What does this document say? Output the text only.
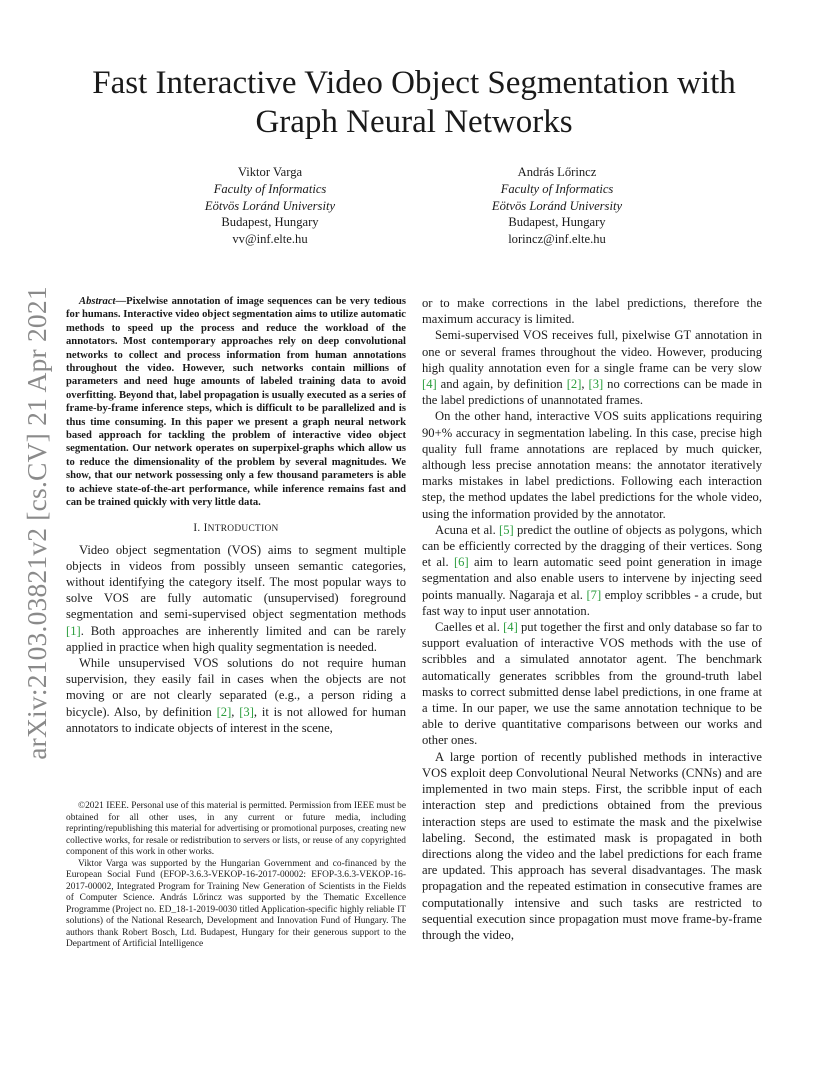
arXiv:2103.03821v2 [cs.CV] 21 Apr 2021
Fast Interactive Video Object Segmentation with
Graph Neural Networks
Viktor Varga
Faculty of Informatics
Eötvös Loránd University
Budapest, Hungary
vv@inf.elte.hu
András Lőrincz
Faculty of Informatics
Eötvös Loránd University
Budapest, Hungary
lorincz@inf.elte.hu

Abstract—Pixelwise annotation of image sequences can be very tedious for humans. Interactive video object segmentation aims to utilize automatic methods to speed up the process and reduce the workload of the annotators. Most contemporary approaches rely on deep convolutional networks to collect and process information from human annotations throughout the video. However, such networks contain millions of parameters and need huge amounts of labeled training data to avoid overfitting. Beyond that, label propagation is usually executed as a series of frame-by-frame inference steps, which is difficult to be parallelized and is thus time consuming. In this paper we present a graph neural network based approach for tackling the problem of interactive video object segmentation. Our network operates on superpixel-graphs which allow us to reduce the dimensionality of the problem by several magnitudes. We show, that our network possessing only a few thousand parameters is able to achieve state-of-the-art performance, while inference remains fast and can be trained quickly with very little data.

I. INTRODUCTION

Video object segmentation (VOS) aims to segment multiple objects in videos from possibly unseen semantic categories, without identifying the category itself. The most popular ways to solve VOS are fully automatic (unsupervised) foreground segmentation and semi-supervised object segmentation methods [1]. Both approaches are inherently limited and can be rarely applied in practice when high quality segmentation is needed.

While unsupervised VOS solutions do not require human supervision, they easily fail in cases when the objects are not moving or are not clearly separated (e.g., a person riding a bicycle). Also, by definition [2], [3], it is not allowed for human annotators to indicate objects of interest in the scene,

©2021 IEEE. Personal use of this material is permitted. Permission from IEEE must be obtained for all other uses, in any current or future media, including reprinting/republishing this material for advertising or promotional purposes, creating new collective works, for resale or redistribution to servers or lists, or reuse of any copyrighted component of this work in other works.

Viktor Varga was supported by the Hungarian Government and co-financed by the European Social Fund (EFOP-3.6.3-VEKOP-16-2017-00002: EFOP-3.6.3-VEKOP-16-2017-00002, Integrated Program for Training New Generation of Scientists in the Fields of Computer Science. András Lőrincz was supported by the Thematic Excellence Programme (Project no. ED_18-1-2019-0030 titled Application-specific highly reliable IT solutions) of the National Research, Development and Innovation Fund of Hungary. The authors thank Robert Bosch, Ltd. Budapest, Hungary for their generous support to the Department of Artificial Intelligence

or to make corrections in the label predictions, therefore the maximum accuracy is limited.

Semi-supervised VOS receives full, pixelwise GT annotation in one or several frames throughout the video. However, producing high quality annotation even for a single frame can be very slow [4] and again, by definition [2], [3] no corrections can be made in the label predictions of unannotated frames.

On the other hand, interactive VOS suits applications requiring 90+% accuracy in segmentation labeling. In this case, precise high quality full frame annotations are replaced by much quicker, although less precise annotation means: the annotator iteratively marks mistakes in label predictions. Following each interaction step, the method updates the label predictions for the whole video, using the information provided by the annotator.

Acuna et al. [5] predict the outline of objects as polygons, which can be efficiently corrected by the dragging of their vertices. Song et al. [6] aim to learn automatic seed point generation in image segmentation and also enable users to intervene by injecting seed points manually. Nagaraja et al. [7] employ scribbles - a crude, but fast way to input user annotation.

Caelles et al. [4] put together the first and only database so far to support evaluation of interactive VOS methods with the use of scribbles and a simulated annotator agent. The benchmark automatically generates scribbles from the ground-truth label masks to correct submitted dense label predictions, in one frame at a time. In our paper, we use the same annotation technique to be able to derive quantitative comparisons between our works and other ones.

A large portion of recently published methods in interactive VOS exploit deep Convolutional Neural Networks (CNNs) and are implemented in two main steps. First, the scribble input of each interaction step and predictions obtained from the previous interaction steps are used to estimate the mask and the pixelwise labeling. Second, the estimated mask is propagated in both directions along the video and the label predictions for each frame are updated. This approach has several disadvantages. The mask propagation and the repeated estimation in consecutive frames are computationally intensive and such tasks are restricted to sequential execution since propagation must move frame-by-frame through the video,
